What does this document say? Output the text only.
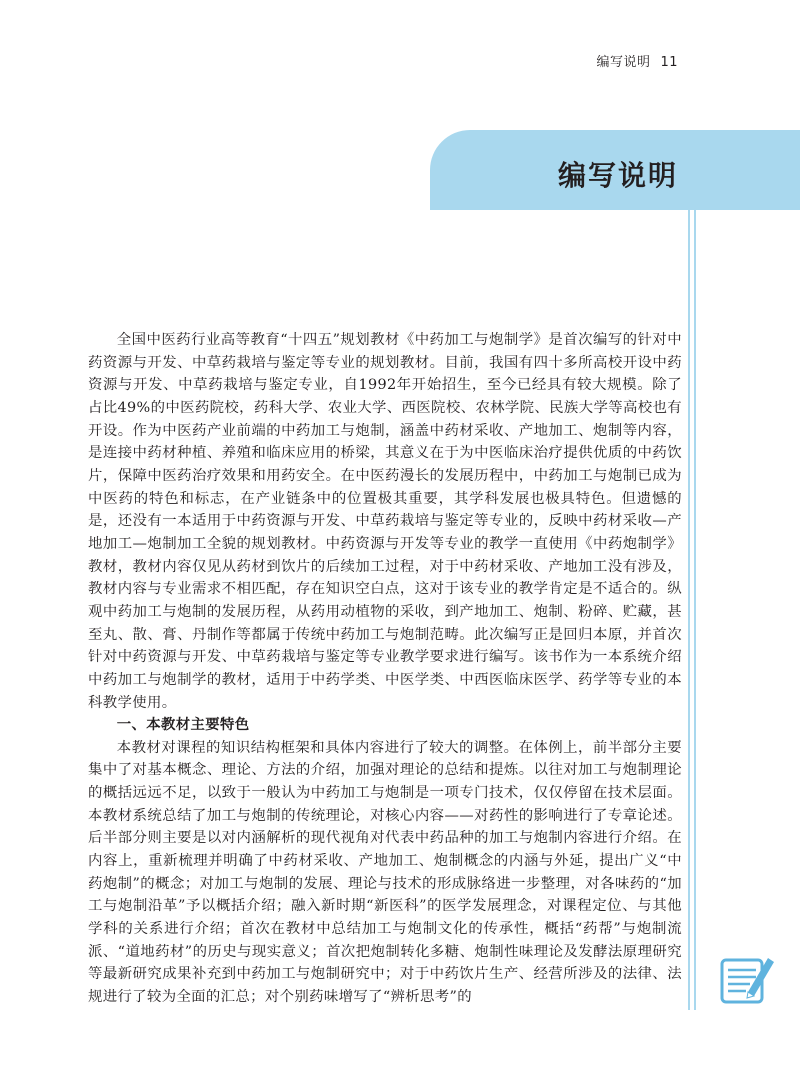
编写说明 11
编写说明

全国中医药行业高等教育“十四五”规划教材《中药加工与炮制学》是首次编写的针对中药资源与开发、中草药栽培与鉴定等专业的规划教材。目前，我国有四十多所高校开设中药资源与开发、中草药栽培与鉴定专业，自1992年开始招生，至今已经具有较大规模。除了占比49%的中医药院校，药科大学、农业大学、西医院校、农林学院、民族大学等高校也有开设。作为中医药产业前端的中药加工与炮制，涵盖中药材采收、产地加工、炮制等内容，是连接中药材种植、养殖和临床应用的桥梁，其意义在于为中医临床治疗提供优质的中药饮片，保障中医药治疗效果和用药安全。在中医药漫长的发展历程中，中药加工与炮制已成为中医药的特色和标志，在产业链条中的位置极其重要，其学科发展也极具特色。但遗憾的是，还没有一本适用于中药资源与开发、中草药栽培与鉴定等专业的，反映中药材采收—产地加工—炮制加工全貌的规划教材。中药资源与开发等专业的教学一直使用《中药炮制学》教材，教材内容仅见从药材到饮片的后续加工过程，对于中药材采收、产地加工没有涉及，教材内容与专业需求不相匹配，存在知识空白点，这对于该专业的教学肯定是不适合的。纵观中药加工与炮制的发展历程，从药用动植物的采收，到产地加工、炮制、粉碎、贮藏，甚至丸、散、膏、丹制作等都属于传统中药加工与炮制范畴。此次编写正是回归本原，并首次针对中药资源与开发、中草药栽培与鉴定等专业教学要求进行编写。该书作为一本系统介绍中药加工与炮制学的教材，适用于中药学类、中医学类、中西医临床医学、药学等专业的本科教学使用。

一、本教材主要特色

本教材对课程的知识结构框架和具体内容进行了较大的调整。在体例上，前半部分主要集中了对基本概念、理论、方法的介绍，加强对理论的总结和提炼。以往对加工与炮制理论的概括远远不足，以致于一般认为中药加工与炮制是一项专门技术，仅仅停留在技术层面。本教材系统总结了加工与炮制的传统理论，对核心内容——对药性的影响进行了专章论述。后半部分则主要是以对内涵解析的现代视角对代表中药品种的加工与炮制内容进行介绍。在内容上，重新梳理并明确了中药材采收、产地加工、炮制概念的内涵与外延，提出广义“中药炮制”的概念；对加工与炮制的发展、理论与技术的形成脉络进一步整理，对各味药的“加工与炮制沿革”予以概括介绍；融入新时期“新医科”的医学发展理念，对课程定位、与其他学科的关系进行介绍；首次在教材中总结加工与炮制文化的传承性，概括“药帮”与炮制流派、“道地药材”的历史与现实意义；首次把炮制转化多糖、炮制性味理论及发酵法原理研究等最新研究成果补充到中药加工与炮制研究中；对于中药饮片生产、经营所涉及的法律、法规进行了较为全面的汇总；对个别药味增写了“辨析思考”的
